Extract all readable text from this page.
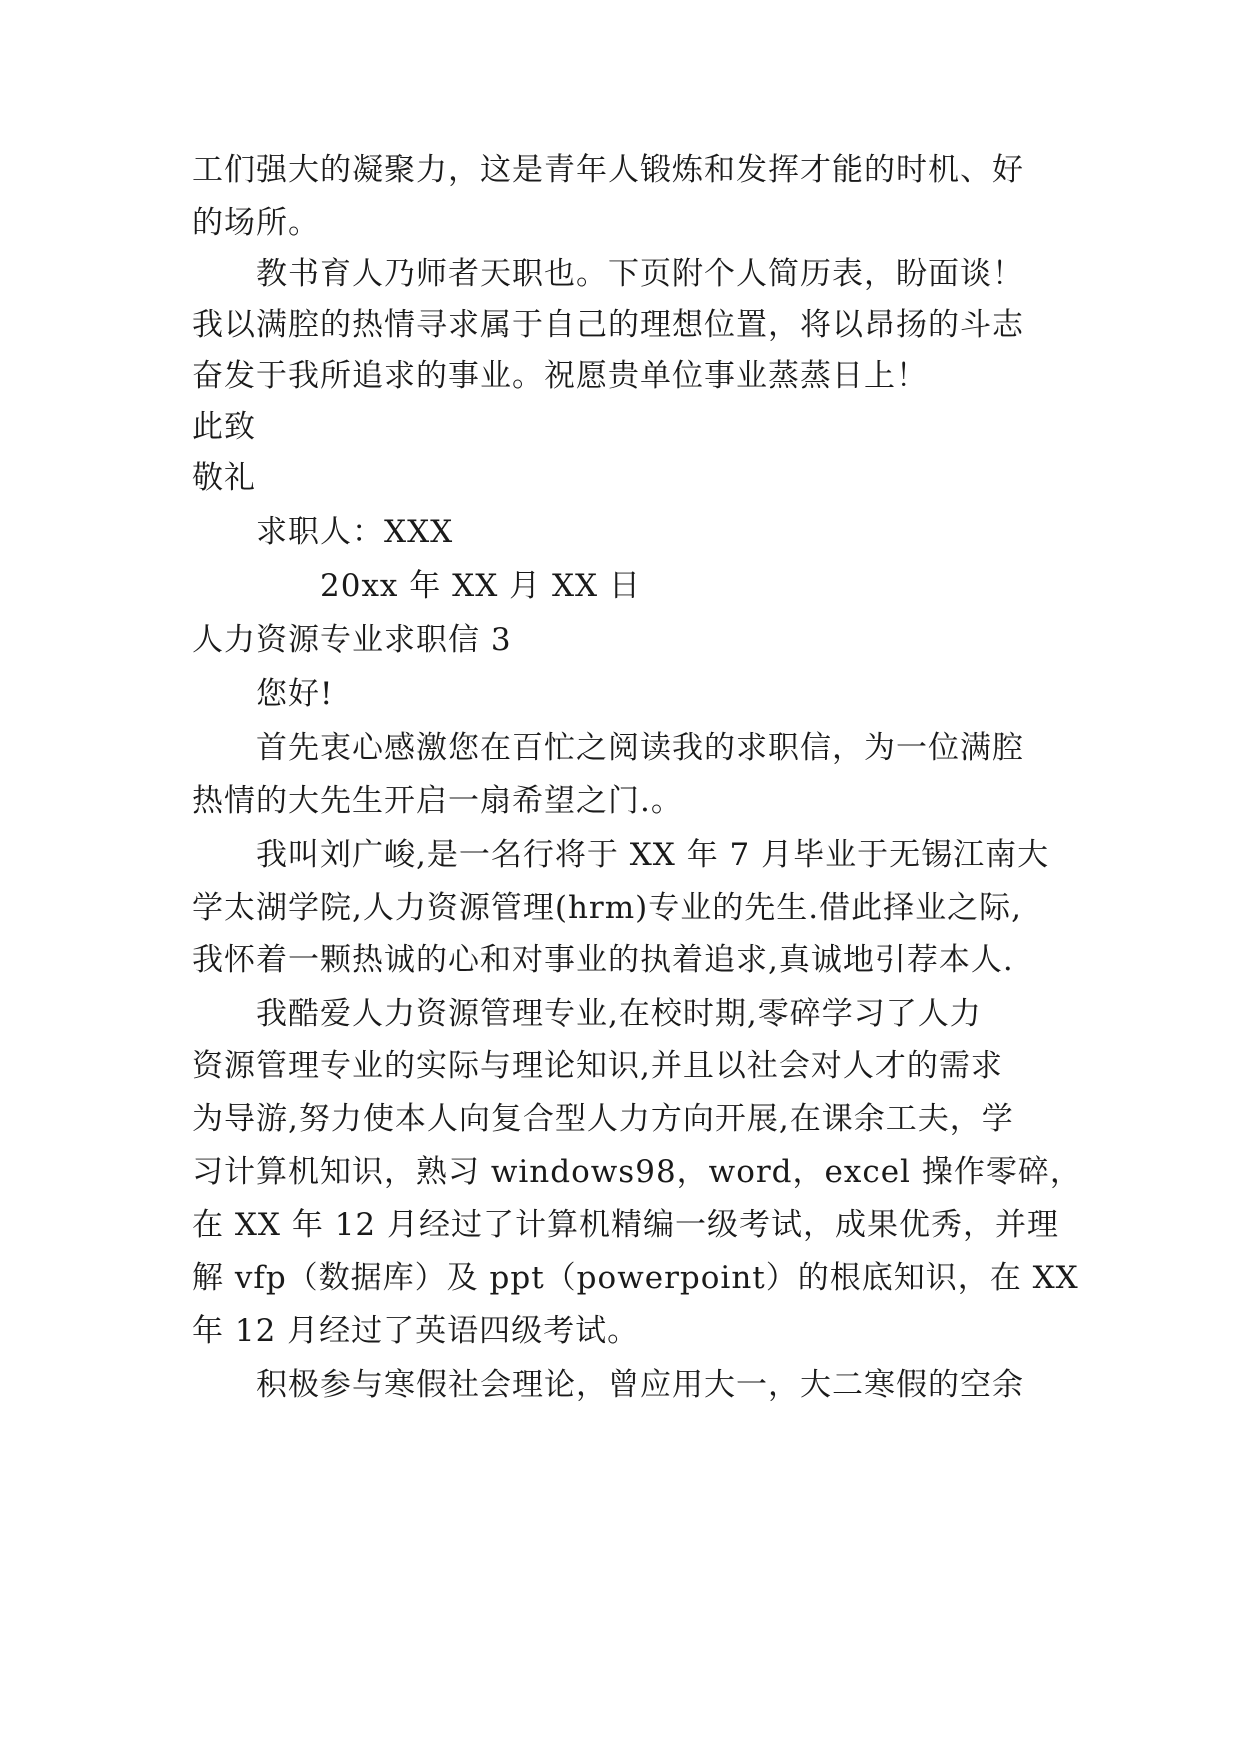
工们强大的凝聚力，这是青年人锻炼和发挥才能的时机、好
的场所。
教书育人乃师者天职也。下页附个人简历表，盼面谈！
我以满腔的热情寻求属于自己的理想位置，将以昂扬的斗志
奋发于我所追求的事业。祝愿贵单位事业蒸蒸日上！
此致
敬礼
求职人：XXX
20xx 年 XX 月 XX 日
人力资源专业求职信 3
您好!
首先衷心感激您在百忙之阅读我的求职信，为一位满腔
热情的大先生开启一扇希望之门.。
我叫刘广峻,是一名行将于 XX 年 7 月毕业于无锡江南大
学太湖学院,人力资源管理(hrm)专业的先生.借此择业之际,
我怀着一颗热诚的心和对事业的执着追求,真诚地引荐本人.
我酷爱人力资源管理专业,在校时期,零碎学习了人力
资源管理专业的实际与理论知识,并且以社会对人才的需求
为导游,努力使本人向复合型人力方向开展,在课余工夫，学
习计算机知识，熟习 windows98，word，excel 操作零碎，
在 XX 年 12 月经过了计算机精编一级考试，成果优秀，并理
解 vfp（数据库）及 ppt（powerpoint）的根底知识，在 XX
年 12 月经过了英语四级考试。
积极参与寒假社会理论，曾应用大一，大二寒假的空余
